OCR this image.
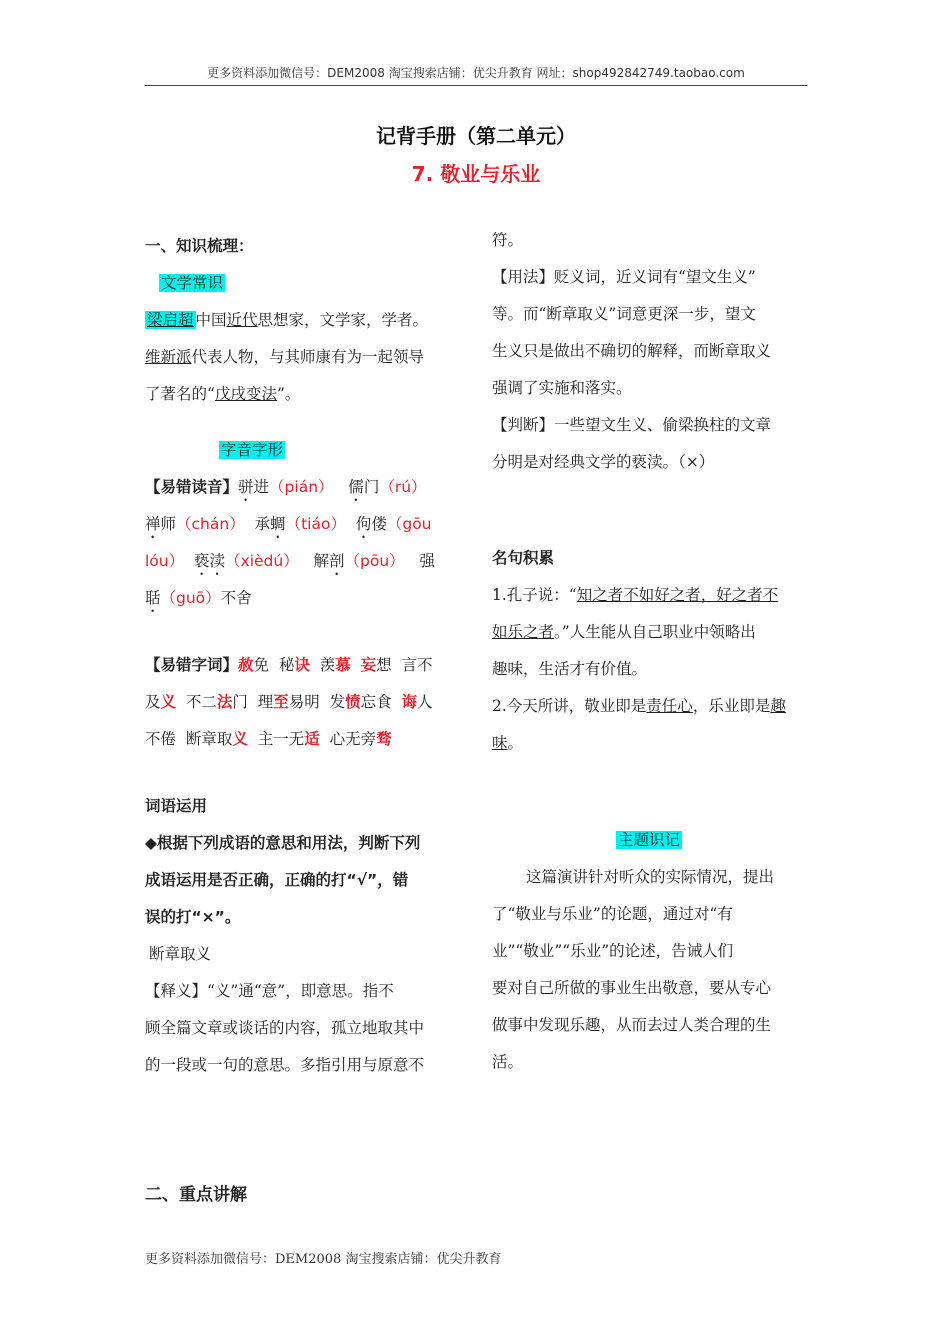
更多资料添加微信号：DEM2008 淘宝搜索店铺：优尖升教育 网址：shop492842749.taobao.com
记背手册（第二单元）
7. 敬业与乐业
一、知识梳理：
文学常识
梁启超 中国近代思想家，文学家，学者。
维新派代表人物，与其师康有为一起领导
了著名的“戊戌变法”。
字音字形
【易错读音】骈进（pián） 儒门（rú）
禅师（chán） 承蜩（tiáo） 佝偻（gōu
lóu） 亵渎（xièdú） 解剖（pōu） 强
聒（guō）不舍
【易错字词】赦免  秘诀  羡慕 妄想  言不
及义  不二法门  理至易明  发愤忘食  诲人
不倦  断章取义  主一无适  心无旁骛
词语运用
◆根据下列成语的意思和用法，判断下列
成语运用是否正确，正确的打“√”，错
误的打“×”。
断章取义
【释义】“义”通“意”，即意思。指不
顾全篇文章或谈话的内容，孤立地取其中
的一段或一句的意思。多指引用与原意不
符。
【用法】贬义词，近义词有“望文生义”
等。而“断章取义”词意更深一步，望文
生义只是做出不确切的解释，而断章取义
强调了实施和落实。
【判断】一些望文生义、偷梁换柱的文章
分明是对经典文学的亵渎。（×）
名句积累
1.孔子说：“知之者不如好之者，好之者不
如乐之者。”人生能从自己职业中领略出
趣味，生活才有价值。
2.今天所讲，敬业即是责任心，乐业即是趣
味。
主题识记
这篇演讲针对听众的实际情况，提出
了“敬业与乐业”的论题，通过对“有
业”“敬业”“乐业”的论述，告诫人们
要对自己所做的事业生出敬意，要从专心
做事中发现乐趣，从而去过人类合理的生
活。
二、重点讲解
更多资料添加微信号：DEM2008 淘宝搜索店铺：优尖升教育
